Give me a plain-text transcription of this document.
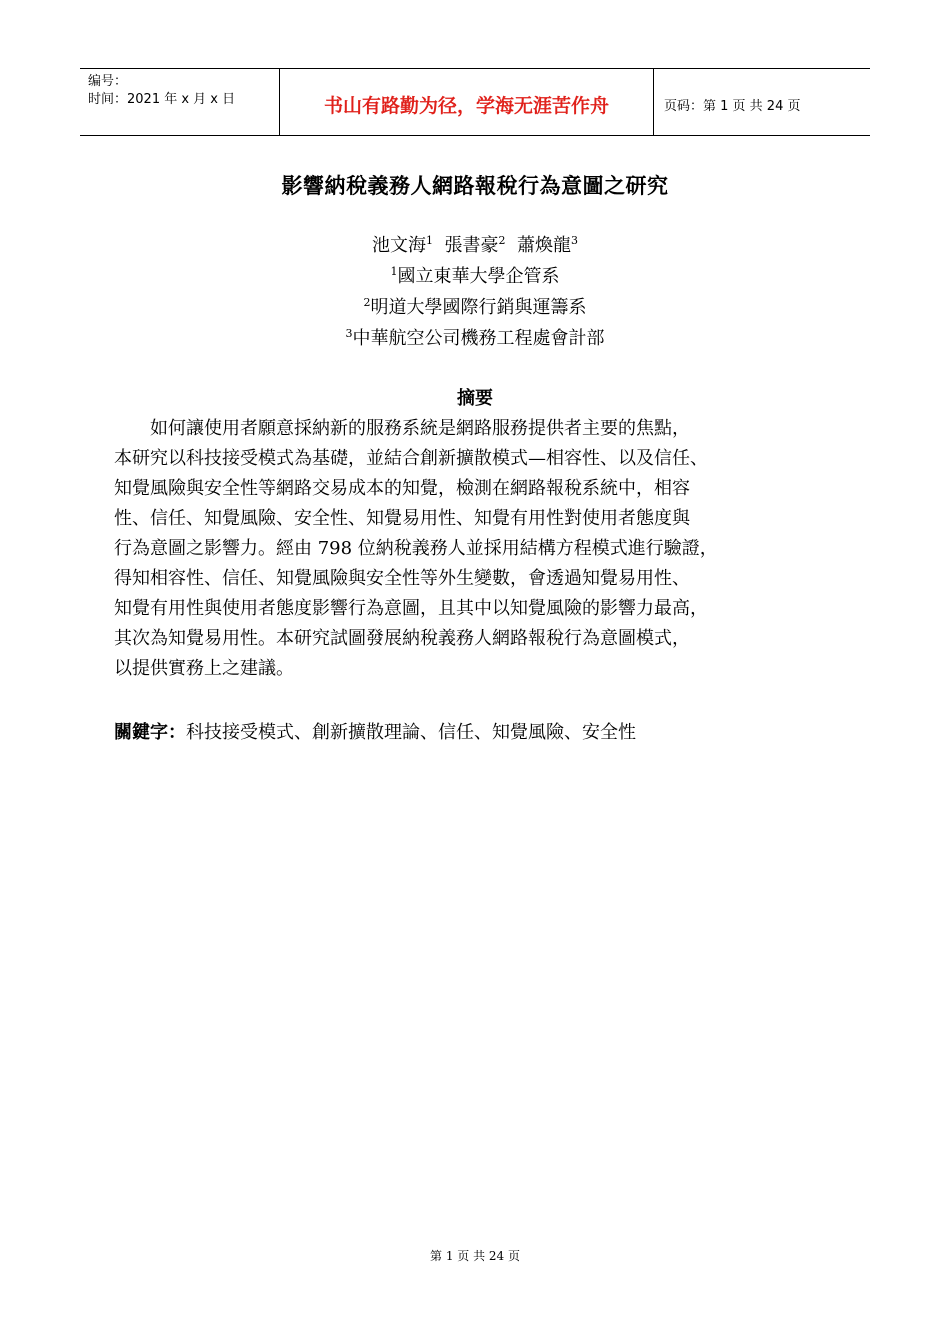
编号：
时间：2021 年 x 月 x 日	书山有路勤为径，学海无涯苦作舟	页码：第 1 页 共 24 页
影響納稅義務人網路報稅行為意圖之研究
池文海$^1$ 張書豪$^2$ 蕭煥龍$^3$
$^1$國立東華大學企管系
$^2$明道大學國際行銷與運籌系
$^3$中華航空公司機務工程處會計部
摘要
如何讓使用者願意採納新的服務系統是網路服務提供者主要的焦點，
本研究以科技接受模式為基礎，並結合創新擴散模式—相容性、以及信任、
知覺風險與安全性等網路交易成本的知覺，檢測在網路報稅系統中，相容
性、信任、知覺風險、安全性、知覺易用性、知覺有用性對使用者態度與
行為意圖之影響力。經由 798 位納稅義務人並採用結構方程模式進行驗證，
得知相容性、信任、知覺風險與安全性等外生變數，會透過知覺易用性、
知覺有用性與使用者態度影響行為意圖，且其中以知覺風險的影響力最高，
其次為知覺易用性。本研究試圖發展納稅義務人網路報稅行為意圖模式，
以提供實務上之建議。
關鍵字：科技接受模式、創新擴散理論、信任、知覺風險、安全性
第 1 页 共 24 页
